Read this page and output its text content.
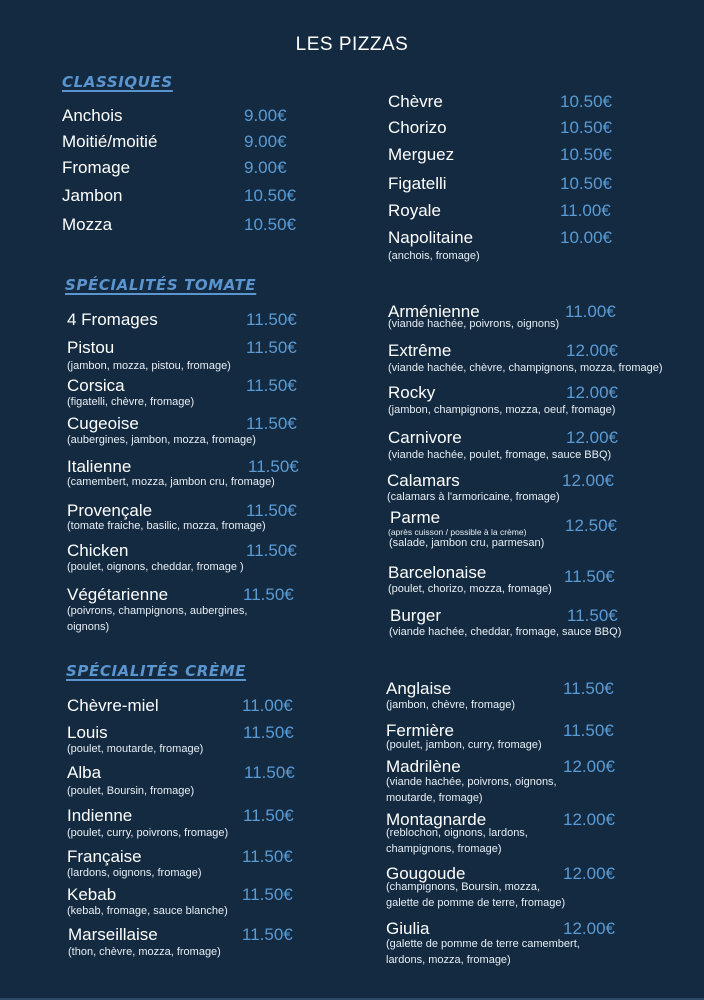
LES PIZZAS
CLASSIQUES
Anchois	9.00€
Moitié/moitié	9.00€
Fromage	9.00€
Jambon	10.50€
Mozza	10.50€
Chèvre	10.50€
Chorizo	10.50€
Merguez	10.50€
Figatelli	10.50€
Royale	11.00€
Napolitaine	10.00€
(anchois, fromage)
SPÉCIALITÉS TOMATE
4 Fromages	11.50€
Pistou	11.50€
(jambon, mozza, pistou, fromage)
Corsica	11.50€
(figatelli, chèvre, fromage)
Cugeoise	11.50€
(aubergines, jambon, mozza, fromage)
Italienne	11.50€
(camembert, mozza, jambon cru, fromage)
Provençale	11.50€
(tomate fraiche, basilic, mozza, fromage)
Chicken	11.50€
(poulet, oignons, cheddar, fromage )
Végétarienne	11.50€
(poivrons, champignons, aubergines,
oignons)
Arménienne	11.00€
(viande hachée, poivrons, oignons)
Extrême	12.00€
(viande hachée, chèvre, champignons, mozza, fromage)
Rocky	12.00€
(jambon, champignons, mozza, oeuf, fromage)
Carnivore	12.00€
(viande hachée, poulet, fromage, sauce BBQ)
Calamars	12.00€
(calamars à l'armoricaine, fromage)
Parme	12.50€
(après cuisson / possible à la crème)
(salade, jambon cru, parmesan)
Barcelonaise	11.50€
(poulet, chorizo, mozza, fromage)
Burger	11.50€
(viande hachée, cheddar, fromage, sauce BBQ)
SPÉCIALITÉS CRÈME
Chèvre-miel	11.00€
Louis	11.50€
(poulet, moutarde, fromage)
Alba	11.50€
(poulet, Boursin, fromage)
Indienne	11.50€
(poulet, curry, poivrons, fromage)
Française	11.50€
(lardons, oignons, fromage)
Kebab	11.50€
(kebab, fromage, sauce blanche)
Marseillaise	11.50€
(thon, chèvre, mozza, fromage)
Anglaise	11.50€
(jambon, chèvre, fromage)
Fermière	11.50€
(poulet, jambon, curry, fromage)
Madrilène	12.00€
(viande hachée, poivrons, oignons,
moutarde, fromage)
Montagnarde	12.00€
(reblochon, oignons, lardons,
champignons, fromage)
Gougoude	12.00€
(champignons, Boursin, mozza,
galette de pomme de terre, fromage)
Giulia	12.00€
(galette de pomme de terre camembert,
lardons, mozza, fromage)
